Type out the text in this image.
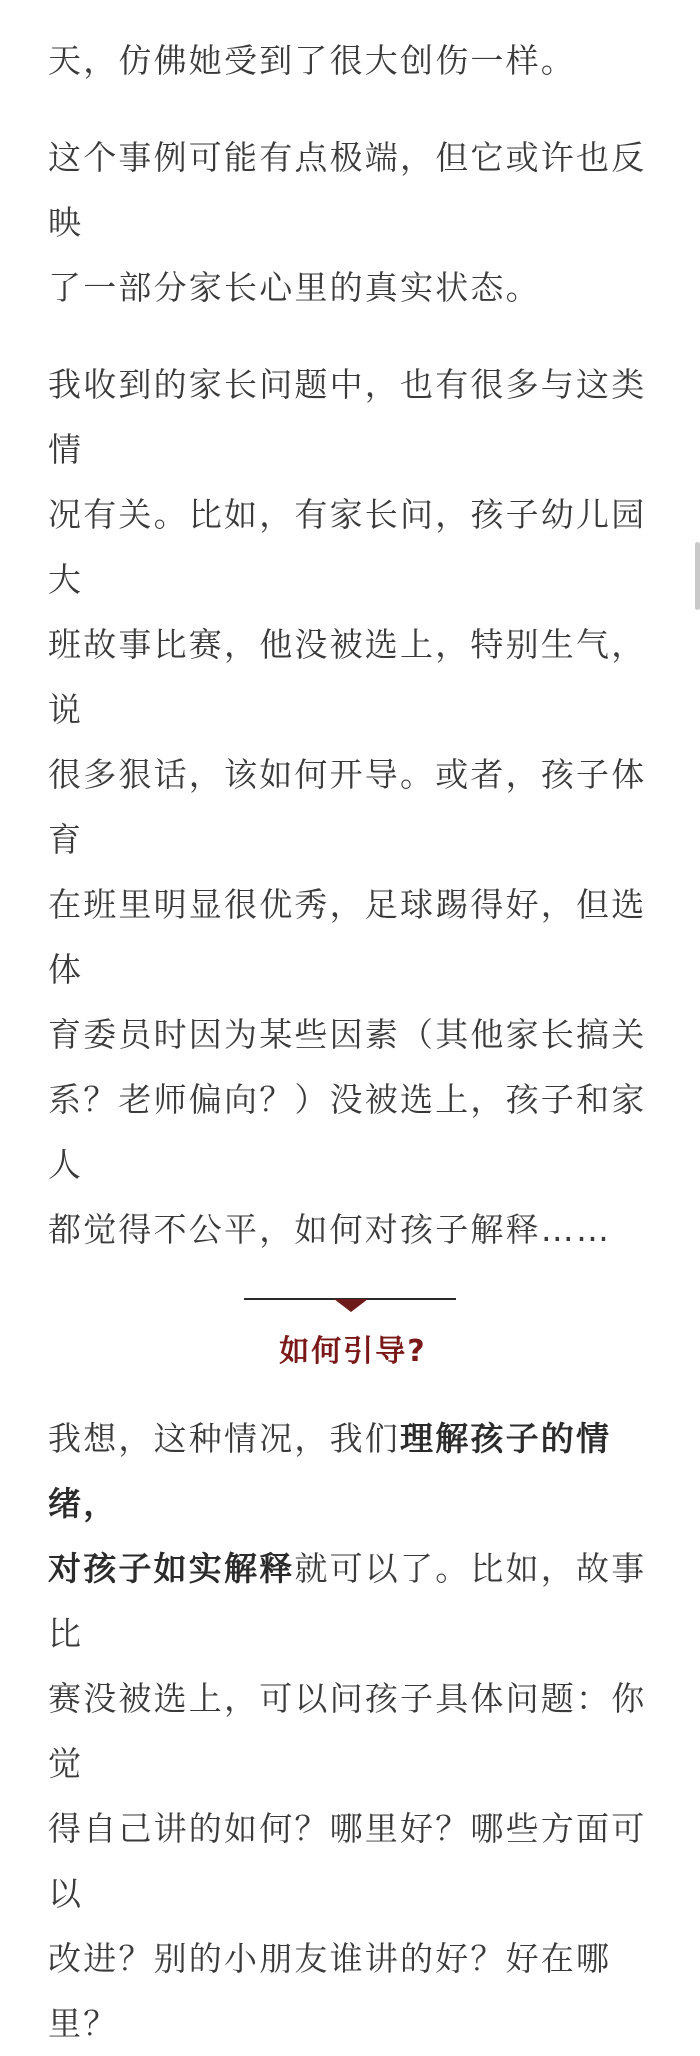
天，仿佛她受到了很大创伤一样。

这个事例可能有点极端，但它或许也反映
了一部分家长心里的真实状态。

我收到的家长问题中，也有很多与这类情
况有关。比如，有家长问，孩子幼儿园大
班故事比赛，他没被选上，特别生气，说
很多狠话，该如何开导。或者，孩子体育
在班里明显很优秀，足球踢得好，但选体
育委员时因为某些因素（其他家长搞关
系？老师偏向？）没被选上，孩子和家人
都觉得不公平，如何对孩子解释……

如何引导?

我想，这种情况，我们理解孩子的情绪，
对孩子如实解释就可以了。比如，故事比
赛没被选上，可以问孩子具体问题：你觉
得自己讲的如何？哪里好？哪些方面可以
改进？别的小朋友谁讲的好？好在哪里？
